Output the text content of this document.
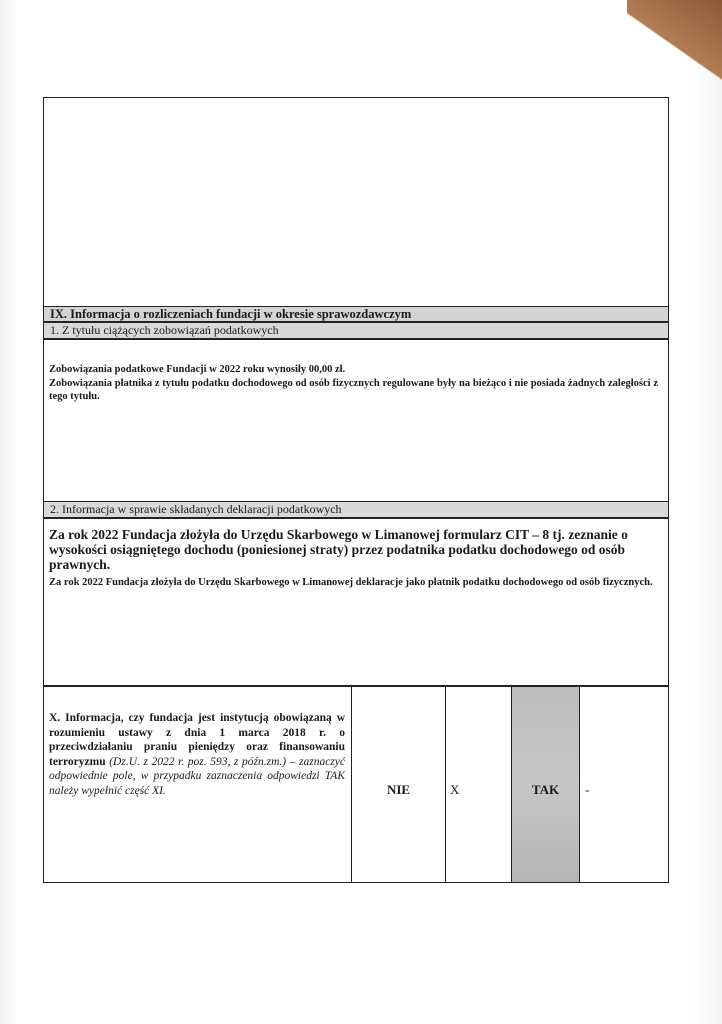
IX. Informacja o rozliczeniach fundacji w okresie sprawozdawczym
1. Z tytułu ciążących zobowiązań podatkowych
Zobowiązania podatkowe Fundacji w 2022 roku wynosiły 00,00 zł.
Zobowiązania płatnika z tytułu podatku dochodowego od osób fizycznych regulowane były na bieżąco i nie posiada żadnych zaległości z tego tytułu.
2. Informacja w sprawie składanych deklaracji podatkowych
Za rok 2022 Fundacja złożyła do Urzędu Skarbowego w Limanowej formularz CIT – 8 tj. zeznanie o wysokości osiągniętego dochodu (poniesionej straty) przez podatnika podatku dochodowego od osób prawnych.
Za rok 2022 Fundacja złożyła do Urzędu Skarbowego w Limanowej deklaracje jako płatnik podatku dochodowego od osób fizycznych.
X. Informacja, czy fundacja jest instytucją obowiązaną w rozumieniu ustawy z dnia 1 marca 2018 r. o przeciwdziałaniu praniu pieniędzy oraz finansowaniu terroryzmu (Dz.U. z 2022 r. poz. 593, z późn.zm.) – zaznaczyć odpowiednie pole, w przypadku zaznaczenia odpowiedzi TAK należy wypełnić część XI.	NIE	X	TAK	-
